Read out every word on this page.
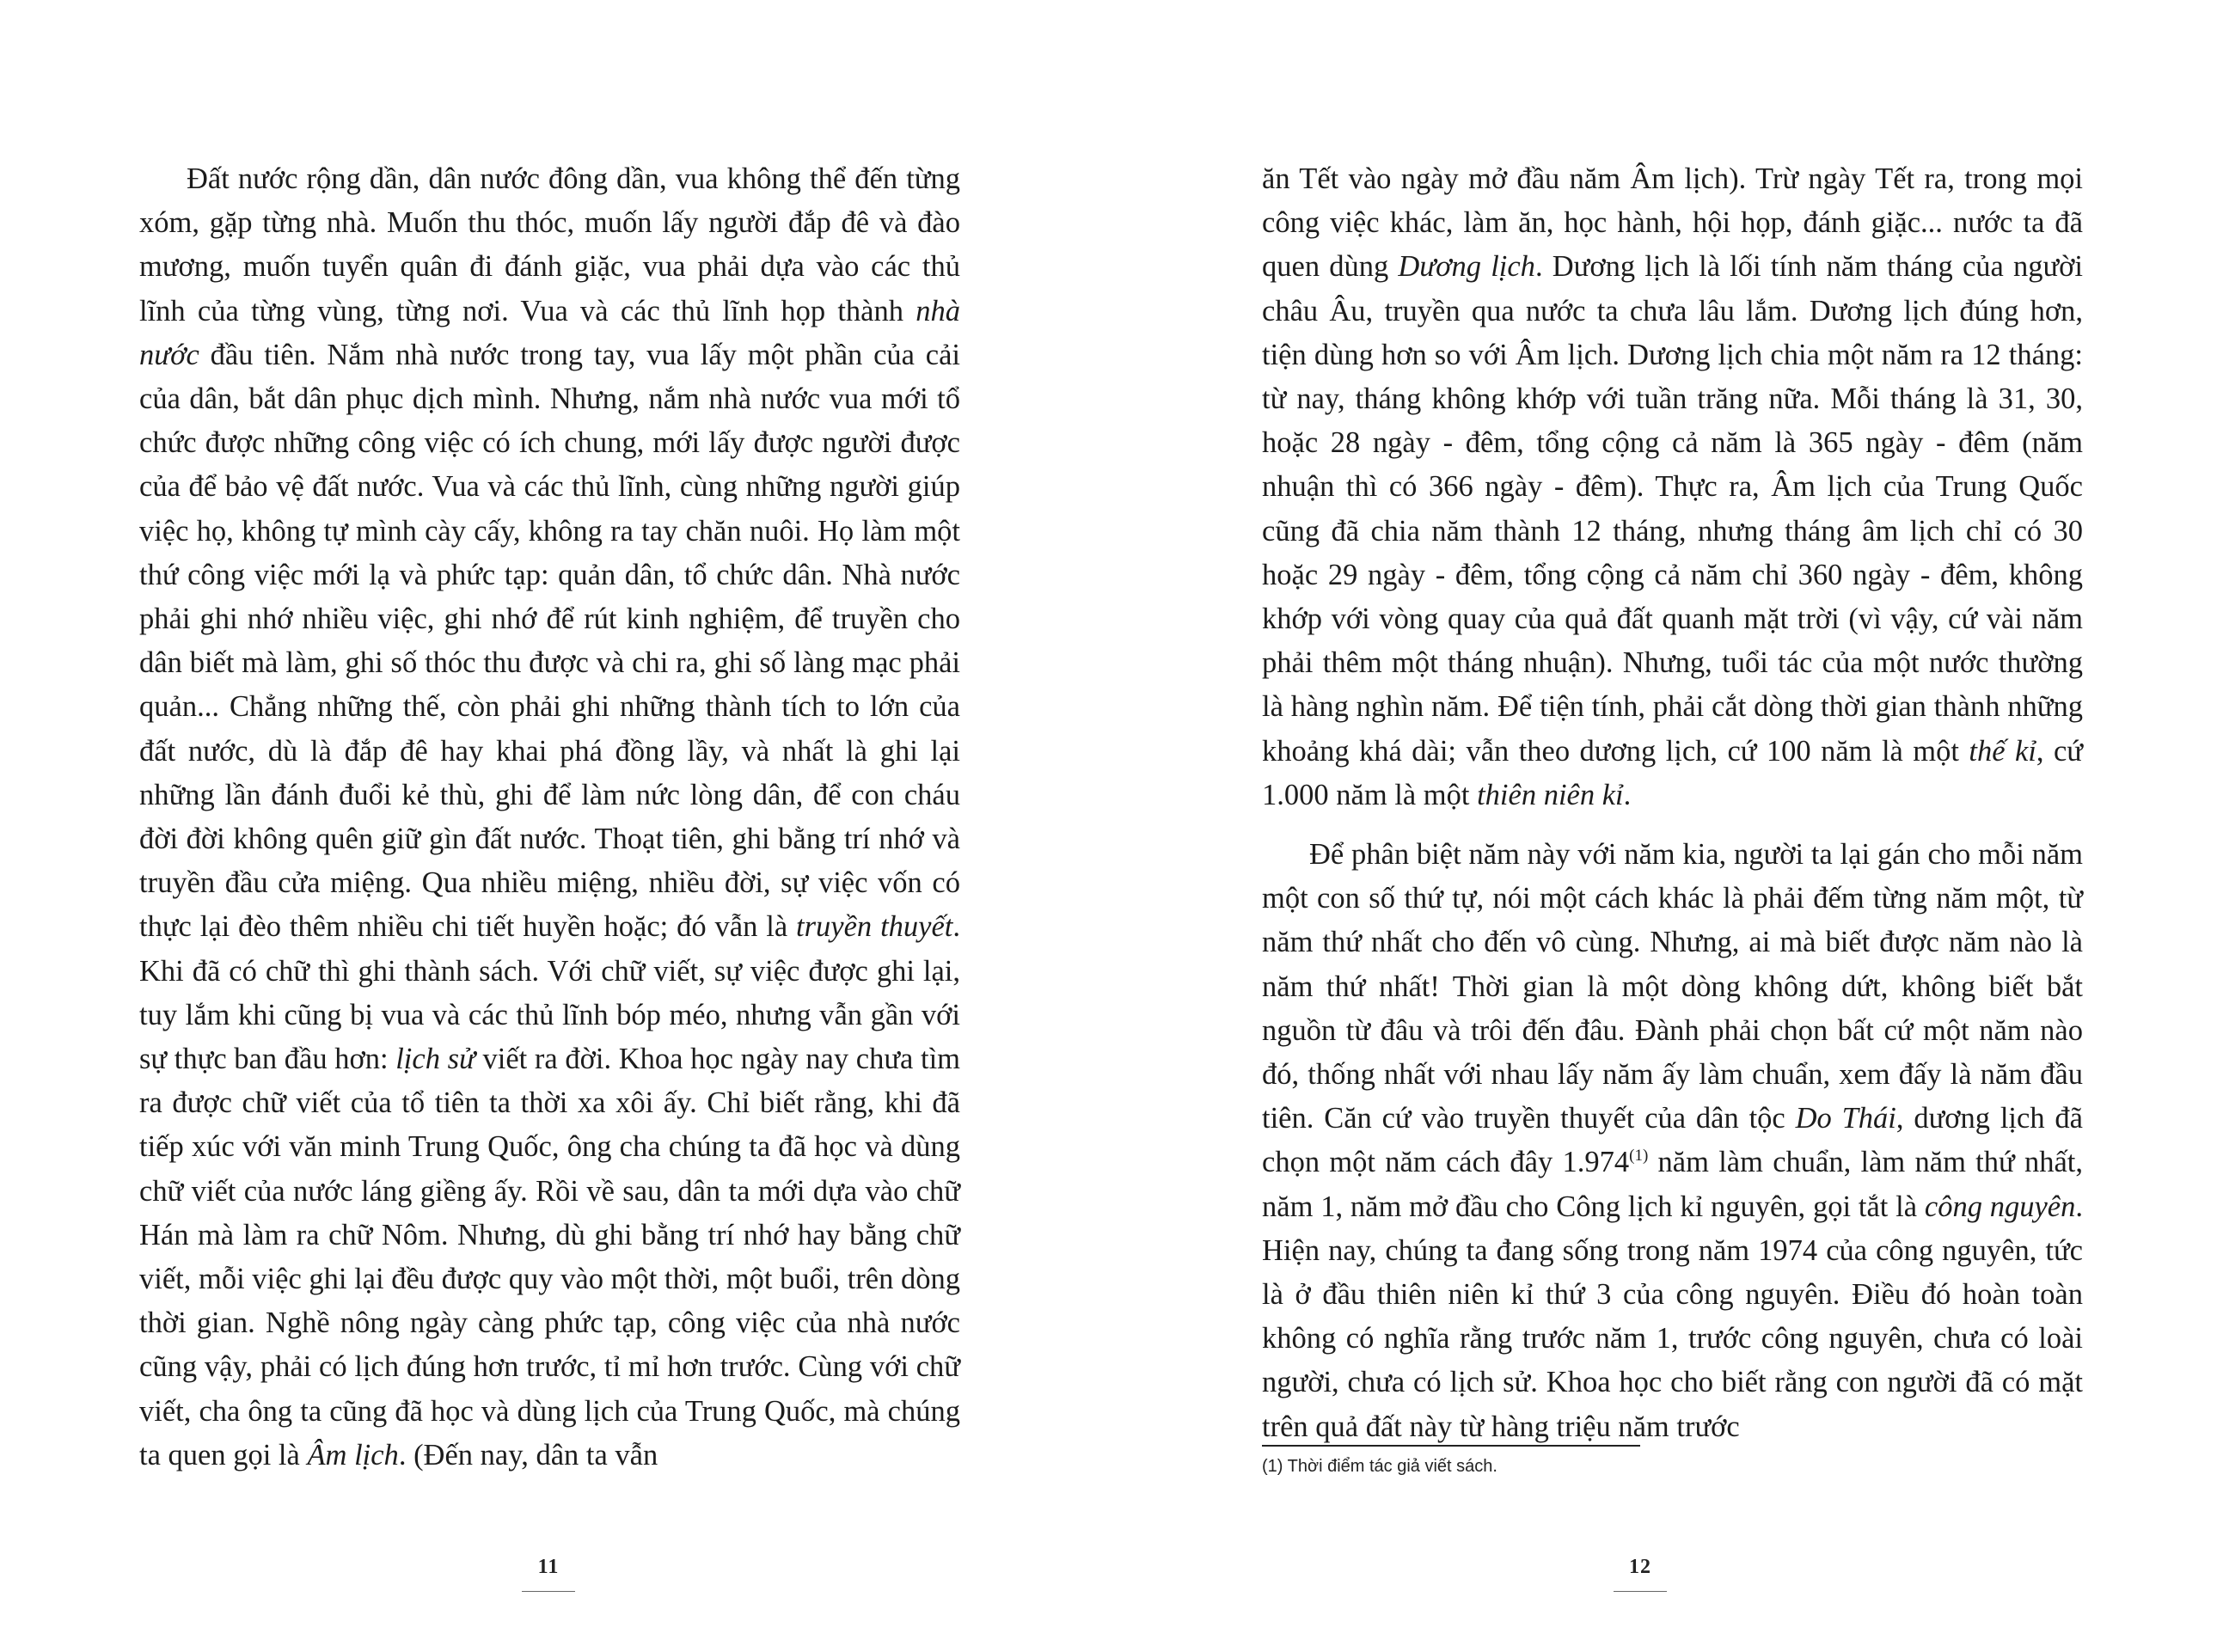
Đất nước rộng dần, dân nước đông dần, vua không thể đến từng xóm, gặp từng nhà. Muốn thu thóc, muốn lấy người đắp đê và đào mương, muốn tuyển quân đi đánh giặc, vua phải dựa vào các thủ lĩnh của từng vùng, từng nơi. Vua và các thủ lĩnh họp thành nhà nước đầu tiên. Nắm nhà nước trong tay, vua lấy một phần của cải của dân, bắt dân phục dịch mình. Nhưng, nắm nhà nước vua mới tổ chức được những công việc có ích chung, mới lấy được người được của để bảo vệ đất nước. Vua và các thủ lĩnh, cùng những người giúp việc họ, không tự mình cày cấy, không ra tay chăn nuôi. Họ làm một thứ công việc mới lạ và phức tạp: quản dân, tổ chức dân. Nhà nước phải ghi nhớ nhiều việc, ghi nhớ để rút kinh nghiệm, để truyền cho dân biết mà làm, ghi số thóc thu được và chi ra, ghi số làng mạc phải quản... Chẳng những thế, còn phải ghi những thành tích to lớn của đất nước, dù là đắp đê hay khai phá đồng lầy, và nhất là ghi lại những lần đánh đuổi kẻ thù, ghi để làm nức lòng dân, để con cháu đời đời không quên giữ gìn đất nước. Thoạt tiên, ghi bằng trí nhớ và truyền đầu cửa miệng. Qua nhiều miệng, nhiều đời, sự việc vốn có thực lại đèo thêm nhiều chi tiết huyền hoặc; đó vẫn là truyền thuyết. Khi đã có chữ thì ghi thành sách. Với chữ viết, sự việc được ghi lại, tuy lắm khi cũng bị vua và các thủ lĩnh bóp méo, nhưng vẫn gần với sự thực ban đầu hơn: lịch sử viết ra đời. Khoa học ngày nay chưa tìm ra được chữ viết của tổ tiên ta thời xa xôi ấy. Chỉ biết rằng, khi đã tiếp xúc với văn minh Trung Quốc, ông cha chúng ta đã học và dùng chữ viết của nước láng giềng ấy. Rồi về sau, dân ta mới dựa vào chữ Hán mà làm ra chữ Nôm. Nhưng, dù ghi bằng trí nhớ hay bằng chữ viết, mỗi việc ghi lại đều được quy vào một thời, một buổi, trên dòng thời gian. Nghề nông ngày càng phức tạp, công việc của nhà nước cũng vậy, phải có lịch đúng hơn trước, tỉ mỉ hơn trước. Cùng với chữ viết, cha ông ta cũng đã học và dùng lịch của Trung Quốc, mà chúng ta quen gọi là Âm lịch. (Đến nay, dân ta vẫn

11

ăn Tết vào ngày mở đầu năm Âm lịch). Trừ ngày Tết ra, trong mọi công việc khác, làm ăn, học hành, hội họp, đánh giặc... nước ta đã quen dùng Dương lịch. Dương lịch là lối tính năm tháng của người châu Âu, truyền qua nước ta chưa lâu lắm. Dương lịch đúng hơn, tiện dùng hơn so với Âm lịch. Dương lịch chia một năm ra 12 tháng: từ nay, tháng không khớp với tuần trăng nữa. Mỗi tháng là 31, 30, hoặc 28 ngày - đêm, tổng cộng cả năm là 365 ngày - đêm (năm nhuận thì có 366 ngày - đêm). Thực ra, Âm lịch của Trung Quốc cũng đã chia năm thành 12 tháng, nhưng tháng âm lịch chỉ có 30 hoặc 29 ngày - đêm, tổng cộng cả năm chỉ 360 ngày - đêm, không khớp với vòng quay của quả đất quanh mặt trời (vì vậy, cứ vài năm phải thêm một tháng nhuận). Nhưng, tuổi tác của một nước thường là hàng nghìn năm. Để tiện tính, phải cắt dòng thời gian thành những khoảng khá dài; vẫn theo dương lịch, cứ 100 năm là một thế kỉ, cứ 1.000 năm là một thiên niên kỉ.

Để phân biệt năm này với năm kia, người ta lại gán cho mỗi năm một con số thứ tự, nói một cách khác là phải đếm từng năm một, từ năm thứ nhất cho đến vô cùng. Nhưng, ai mà biết được năm nào là năm thứ nhất! Thời gian là một dòng không dứt, không biết bắt nguồn từ đâu và trôi đến đâu. Đành phải chọn bất cứ một năm nào đó, thống nhất với nhau lấy năm ấy làm chuẩn, xem đấy là năm đầu tiên. Căn cứ vào truyền thuyết của dân tộc Do Thái, dương lịch đã chọn một năm cách đây 1.974$^{(1)}$ năm làm chuẩn, làm năm thứ nhất, năm 1, năm mở đầu cho Công lịch kỉ nguyên, gọi tắt là công nguyên. Hiện nay, chúng ta đang sống trong năm 1974 của công nguyên, tức là ở đầu thiên niên kỉ thứ 3 của công nguyên. Điều đó hoàn toàn không có nghĩa rằng trước năm 1, trước công nguyên, chưa có loài người, chưa có lịch sử. Khoa học cho biết rằng con người đã có mặt trên quả đất này từ hàng triệu năm trước

(1) Thời điểm tác giả viết sách.
12
